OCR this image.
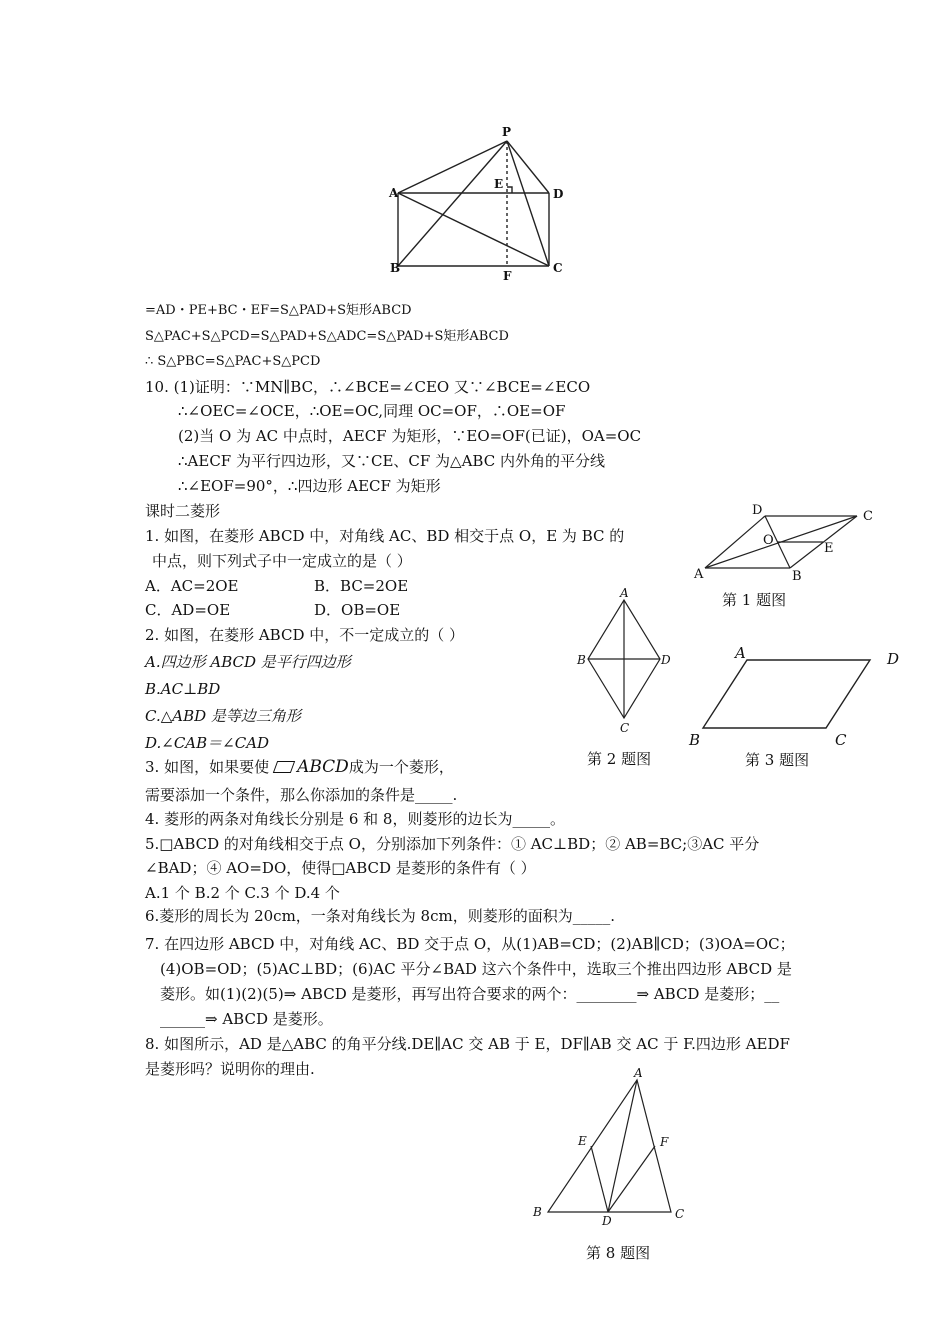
P
A
E
D
B
F
C
=AD・PE+BC・EF=S△PAD+S矩形ABCD
S△PAC+S△PCD=S△PAD+S△ADC=S△PAD+S矩形ABCD
∴ S△PBC=S△PAC+S△PCD
10. (1)证明：∵MN∥BC，∴∠BCE=∠CEO 又∵∠BCE=∠ECO
∴∠OEC=∠OCE，∴OE=OC,同理 OC=OF，∴OE=OF
(2)当 O 为 AC 中点时，AECF 为矩形，∵EO=OF(已证)，OA=OC
∴AECF 为平行四边形，又∵CE、CF 为△ABC 内外角的平分线
∴∠EOF=90°，∴四边形 AECF 为矩形
课时二菱形
1. 如图，在菱形 ABCD 中，对角线 AC、BD 相交于点 O，E 为 BC 的
中点，则下列式子中一定成立的是（ ）
A．AC=2OE	B．BC=2OE
C．AD=OE	D．OB=OE
D	C
O
E
A	B
第 1 题图
2. 如图，在菱形 ABCD 中，不一定成立的（ ）
A.四边形 ABCD 是平行四边形
B.AC⊥BD
C.△ABD 是等边三角形
D.∠CAB＝∠CAD
A
B	D
C
第 2 题图
A	D
B	C
第 3 题图
3. 如图，如果要使 ABCD成为一个菱形，
需要添加一个条件，那么你添加的条件是_____.
4. 菱形的两条对角线长分别是 6 和 8，则菱形的边长为_____。
5.□ABCD 的对角线相交于点 O，分别添加下列条件：① AC⊥BD；② AB=BC;③AC 平分
∠BAD；④ AO=DO，使得□ABCD 是菱形的条件有（ ）
A.1 个 B.2 个 C.3 个 D.4 个
6.菱形的周长为 20cm，一条对角线长为 8cm，则菱形的面积为_____.
7. 在四边形 ABCD 中，对角线 AC、BD 交于点 O，从(1)AB=CD；(2)AB∥CD；(3)OA=OC；
(4)OB=OD；(5)AC⊥BD；(6)AC 平分∠BAD 这六个条件中，选取三个推出四边形 ABCD 是
菱形。如(1)(2)(5)⇒ ABCD 是菱形，再写出符合要求的两个：________⇒ ABCD 是菱形；__
______⇒ ABCD 是菱形。
8. 如图所示，AD 是△ABC 的角平分线.DE∥AC 交 AB 于 E，DF∥AB 交 AC 于 F.四边形 AEDF
是菱形吗？说明你的理由.	A
E	F
B
D	C
第 8 题图
